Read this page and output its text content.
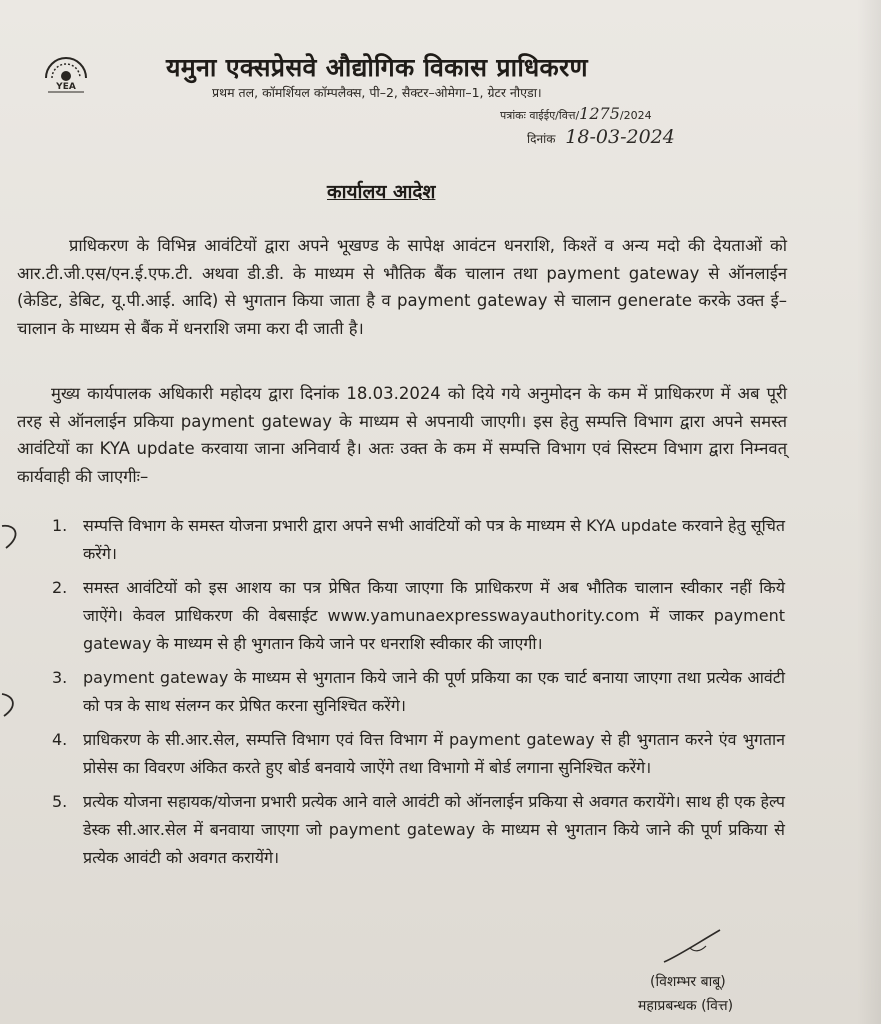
YEA
यमुना एक्सप्रेसवे औद्योगिक विकास प्राधिकरण
प्रथम तल, कॉमर्शियल कॉम्पलैक्स, पी–2, सैक्टर–ओमेगा–1, ग्रेटर नौएडा।
पत्रांकः वाईईए/वित्त/1275/2024
दिनांक 18-03-2024
कार्यालय आदेश
प्राधिकरण के विभिन्न आवंटियों द्वारा अपने भूखण्ड के सापेक्ष आवंटन धनराशि, किश्तें व अन्य मदो की देयताओं को आर.टी.जी.एस/एन.ई.एफ.टी. अथवा डी.डी. के माध्यम से भौतिक बैंक चालान तथा payment gateway से ऑनलाईन (केडिट, डेबिट, यू.पी.आई. आदि) से भुगतान किया जाता है व payment gateway से चालान generate करके उक्त ई–चालान के माध्यम से बैंक में धनराशि जमा करा दी जाती है।
मुख्य कार्यपालक अधिकारी महोदय द्वारा दिनांक 18.03.2024 को दिये गये अनुमोदन के कम में प्राधिकरण में अब पूरी तरह से ऑनलाईन प्रकिया payment gateway के माध्यम से अपनायी जाएगी। इस हेतु सम्पत्ति विभाग द्वारा अपने समस्त आवंटियों का KYA update करवाया जाना अनिवार्य है। अतः उक्त के कम में सम्पत्ति विभाग एवं सिस्टम विभाग द्वारा निम्नवत् कार्यवाही की जाएगीः–
1. सम्पत्ति विभाग के समस्त योजना प्रभारी द्वारा अपने सभी आवंटियों को पत्र के माध्यम से KYA update करवाने हेतु सूचित करेंगे।
2. समस्त आवंटियों को इस आशय का पत्र प्रेषित किया जाएगा कि प्राधिकरण में अब भौतिक चालान स्वीकार नहीं किये जाऐंगे। केवल प्राधिकरण की वेबसाईट www.yamunaexpresswayauthority.com में जाकर payment gateway के माध्यम से ही भुगतान किये जाने पर धनराशि स्वीकार की जाएगी।
3. payment gateway के माध्यम से भुगतान किये जाने की पूर्ण प्रकिया का एक चार्ट बनाया जाएगा तथा प्रत्येक आवंटी को पत्र के साथ संलग्न कर प्रेषित करना सुनिश्चित करेंगे।
4. प्राधिकरण के सी.आर.सेल, सम्पत्ति विभाग एवं वित्त विभाग में payment gateway से ही भुगतान करने एंव भुगतान प्रोसेस का विवरण अंकित करते हुए बोर्ड बनवाये जाऐंगे तथा विभागो में बोर्ड लगाना सुनिश्चित करेंगे।
5. प्रत्येक योजना सहायक/योजना प्रभारी प्रत्येक आने वाले आवंटी को ऑनलाईन प्रकिया से अवगत करायेंगे। साथ ही एक हेल्प डेस्क सी.आर.सेल में बनवाया जाएगा जो payment gateway के माध्यम से भुगतान किये जाने की पूर्ण प्रकिया से प्रत्येक आवंटी को अवगत करायेंगे।
(विशम्भर बाबू)
महाप्रबन्धक (वित्त)
